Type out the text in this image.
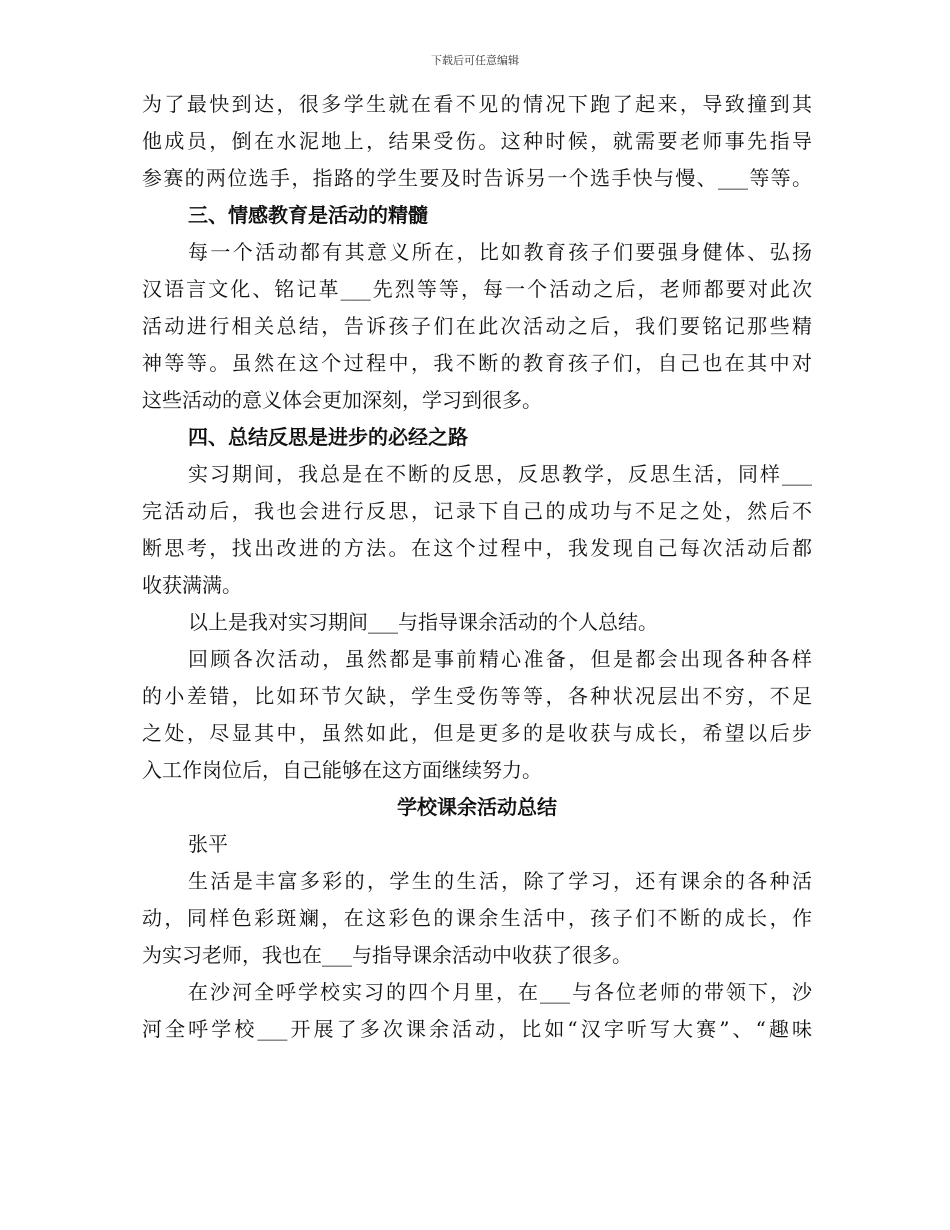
下载后可任意编辑
为了最快到达，很多学生就在看不见的情况下跑了起来，导致撞到其
他成员，倒在水泥地上，结果受伤。这种时候，就需要老师事先指导
参赛的两位选手，指路的学生要及时告诉另一个选手快与慢、___等等。
三、情感教育是活动的精髓
每一个活动都有其意义所在，比如教育孩子们要强身健体、弘扬
汉语言文化、铭记革___先烈等等，每一个活动之后，老师都要对此次
活动进行相关总结，告诉孩子们在此次活动之后，我们要铭记那些精
神等等。虽然在这个过程中，我不断的教育孩子们，自己也在其中对
这些活动的意义体会更加深刻，学习到很多。
四、总结反思是进步的必经之路
实习期间，我总是在不断的反思，反思教学，反思生活，同样___
完活动后，我也会进行反思，记录下自己的成功与不足之处，然后不
断思考，找出改进的方法。在这个过程中，我发现自己每次活动后都
收获满满。
以上是我对实习期间___与指导课余活动的个人总结。
回顾各次活动，虽然都是事前精心准备，但是都会出现各种各样
的小差错，比如环节欠缺，学生受伤等等，各种状况层出不穷，不足
之处，尽显其中，虽然如此，但是更多的是收获与成长，希望以后步
入工作岗位后，自己能够在这方面继续努力。
学校课余活动总结
张平
生活是丰富多彩的，学生的生活，除了学习，还有课余的各种活
动，同样色彩斑斓，在这彩色的课余生活中，孩子们不断的成长，作
为实习老师，我也在___与指导课余活动中收获了很多。
在沙河全呼学校实习的四个月里，在___与各位老师的带领下，沙
河全呼学校___开展了多次课余活动，比如“汉字听写大赛”、“趣味
